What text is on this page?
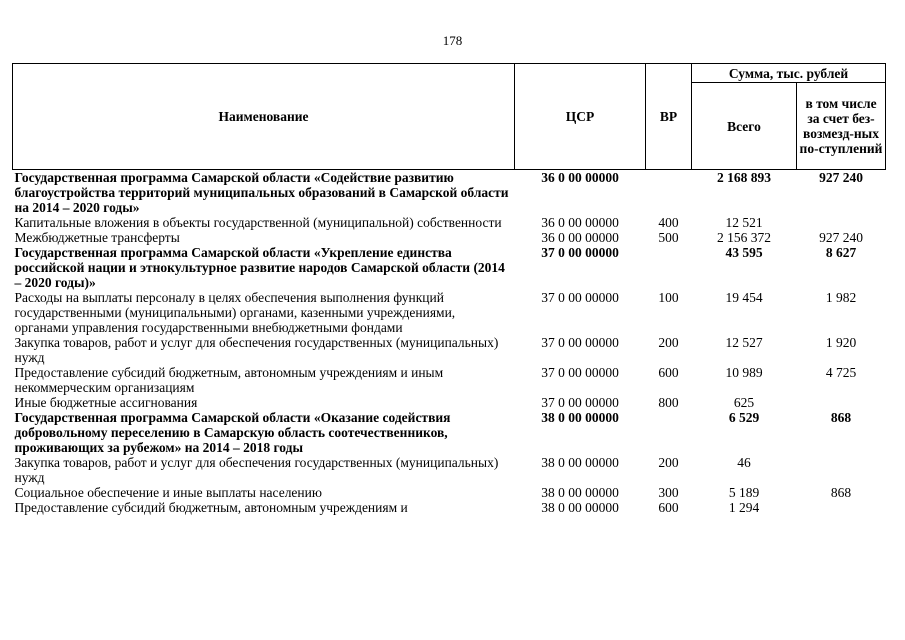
178
Наименование	ЦСР	ВР	Сумма, тыс. рублей	
			Всего	в том числе за счет без-возмезд-ных по-ступлений
Государственная программа Самарской области «Содействие развитию благоустройства территорий муниципальных образований в Самарской области на 2014 – 2020 годы»	36 0 00 00000		2 168 893	927 240
Капитальные вложения в объекты государственной (муниципальной) собственности	36 0 00 00000	400	12 521	
Межбюджетные трансферты	36 0 00 00000	500	2 156 372	927 240
Государственная программа Самарской области «Укрепление единства российской нации и этнокультурное развитие народов Самарской области (2014 – 2020 годы)»	37 0 00 00000		43 595	8 627
Расходы на выплаты персоналу в целях обеспечения выполнения функций государственными (муниципальными) органами, казенными учреждениями, органами управления государственными внебюджетными фондами	37 0 00 00000	100	19 454	1 982
Закупка товаров, работ и услуг для обеспечения государственных (муниципальных) нужд	37 0 00 00000	200	12 527	1 920
Предоставление субсидий бюджетным, автономным учреждениям и иным некоммерческим организациям	37 0 00 00000	600	10 989	4 725
Иные бюджетные ассигнования	37 0 00 00000	800	625	
Государственная программа Самарской области «Оказание содействия добровольному переселению в Самарскую область соотечественников, проживающих за рубежом» на 2014 – 2018 годы	38 0 00 00000		6 529	868
Закупка товаров, работ и услуг для обеспечения государственных (муниципальных) нужд	38 0 00 00000	200	46	
Социальное обеспечение и иные выплаты населению	38 0 00 00000	300	5 189	868
Предоставление субсидий бюджетным, автономным учреждениям и	38 0 00 00000	600	1 294	
